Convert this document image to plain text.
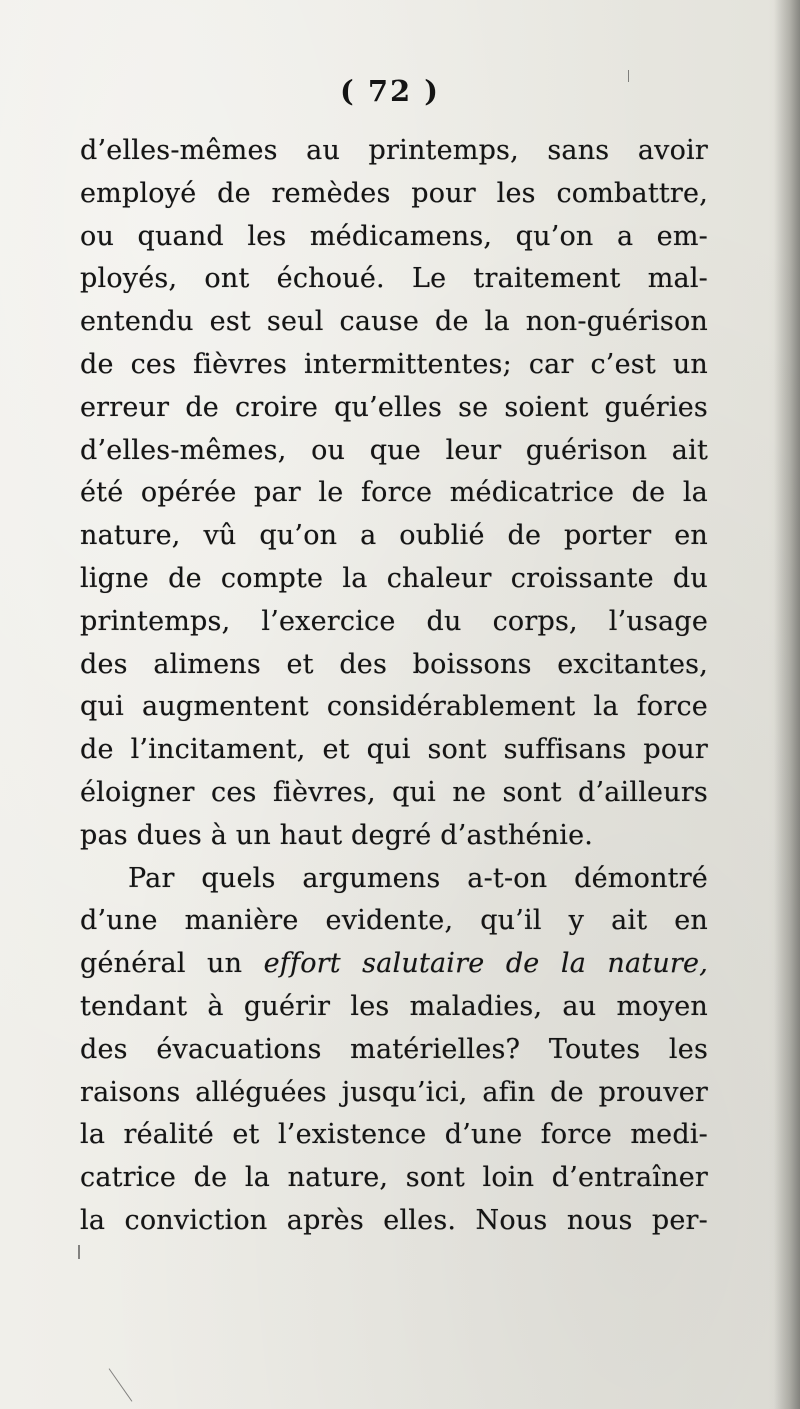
( 72 )
d’elles-mêmes au printemps, sans avoir
employé de remèdes pour les combattre,
ou quand les médicamens, qu’on a em-
ployés, ont échoué. Le traitement mal-
entendu est seul cause de la non-guérison
de ces fièvres intermittentes; car c’est un
erreur de croire qu’elles se soient guéries
d’elles-mêmes, ou que leur guérison ait
été opérée par le force médicatrice de la
nature, vû qu’on a oublié de porter en
ligne de compte la chaleur croissante du
printemps, l’exercice du corps, l’usage
des alimens et des boissons excitantes,
qui augmentent considérablement la force
de l’incitament, et qui sont suffisans pour
éloigner ces fièvres, qui ne sont d’ailleurs
pas dues à un haut degré d’asthénie.
Par quels argumens a-t-on démontré
d’une manière evidente, qu’il y ait en
général un effort salutaire de la nature,
tendant à guérir les maladies, au moyen
des évacuations matérielles? Toutes les
raisons alléguées jusqu’ici, afin de prouver
la réalité et l’existence d’une force medi-
catrice de la nature, sont loin d’entraîner
la conviction après elles. Nous nous per-
